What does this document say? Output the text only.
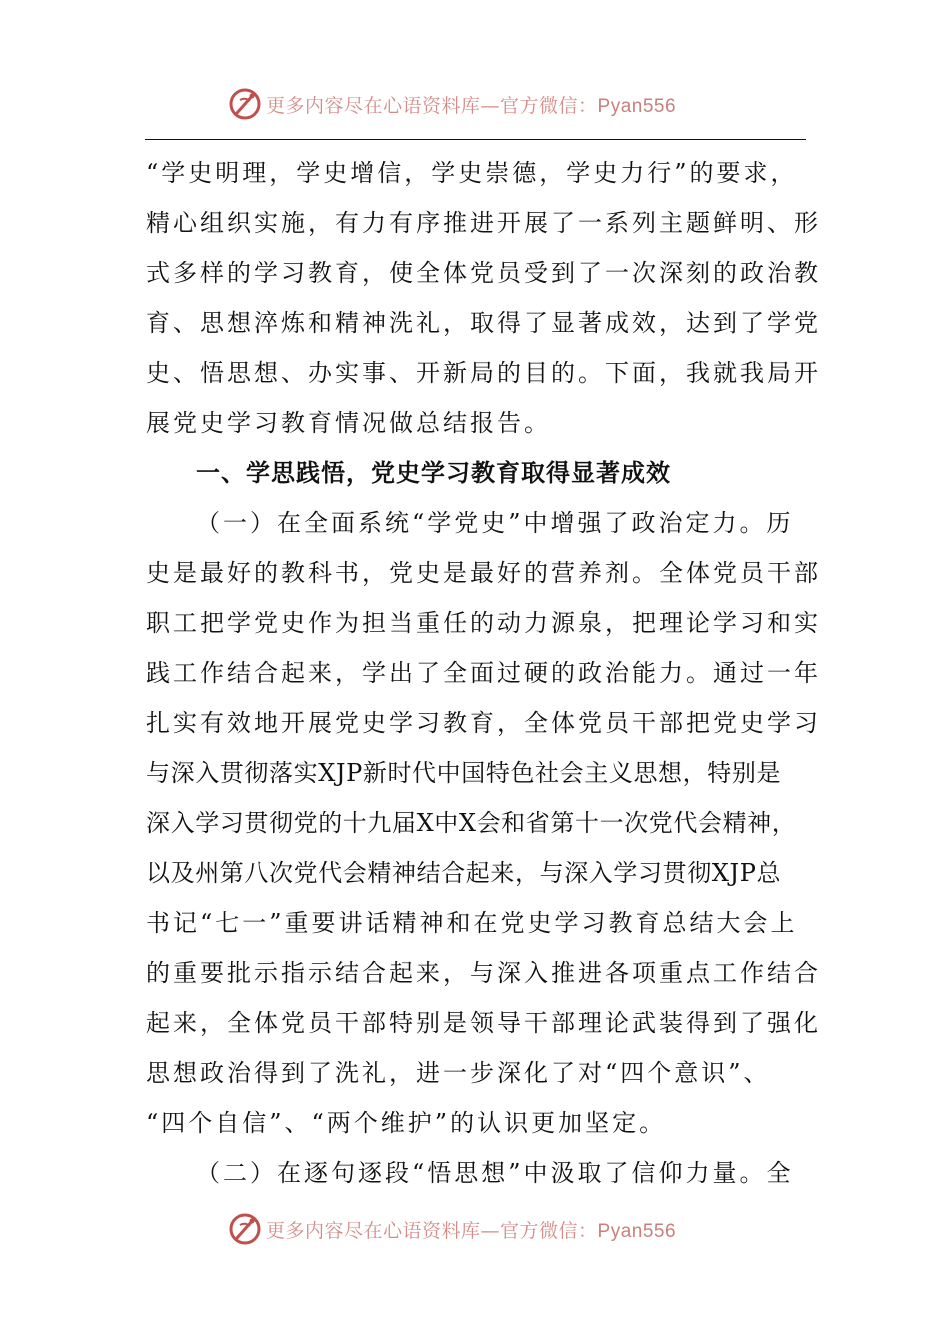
更多内容尽在心语资料库—官方微信：Pyan556
“学史明理，学史增信，学史崇德，学史力行”的要求，
精心组织实施，有力有序推进开展了一系列主题鲜明、形
式多样的学习教育，使全体党员受到了一次深刻的政治教
育、思想淬炼和精神洗礼，取得了显著成效，达到了学党
史、悟思想、办实事、开新局的目的。下面，我就我局开
展党史学习教育情况做总结报告。
一、学思践悟，党史学习教育取得显著成效
（一）在全面系统“学党史”中增强了政治定力。历
史是最好的教科书，党史是最好的营养剂。全体党员干部
职工把学党史作为担当重任的动力源泉，把理论学习和实
践工作结合起来，学出了全面过硬的政治能力。通过一年
扎实有效地开展党史学习教育，全体党员干部把党史学习
与深入贯彻落实XJP新时代中国特色社会主义思想，特别是
深入学习贯彻党的十九届X中X会和省第十一次党代会精神，
以及州第八次党代会精神结合起来，与深入学习贯彻XJP总
书记“七一”重要讲话精神和在党史学习教育总结大会上
的重要批示指示结合起来，与深入推进各项重点工作结合
起来，全体党员干部特别是领导干部理论武装得到了强化
思想政治得到了洗礼，进一步深化了对“四个意识”、
“四个自信”、“两个维护”的认识更加坚定。
（二）在逐句逐段“悟思想”中汲取了信仰力量。全
更多内容尽在心语资料库—官方微信：Pyan556
